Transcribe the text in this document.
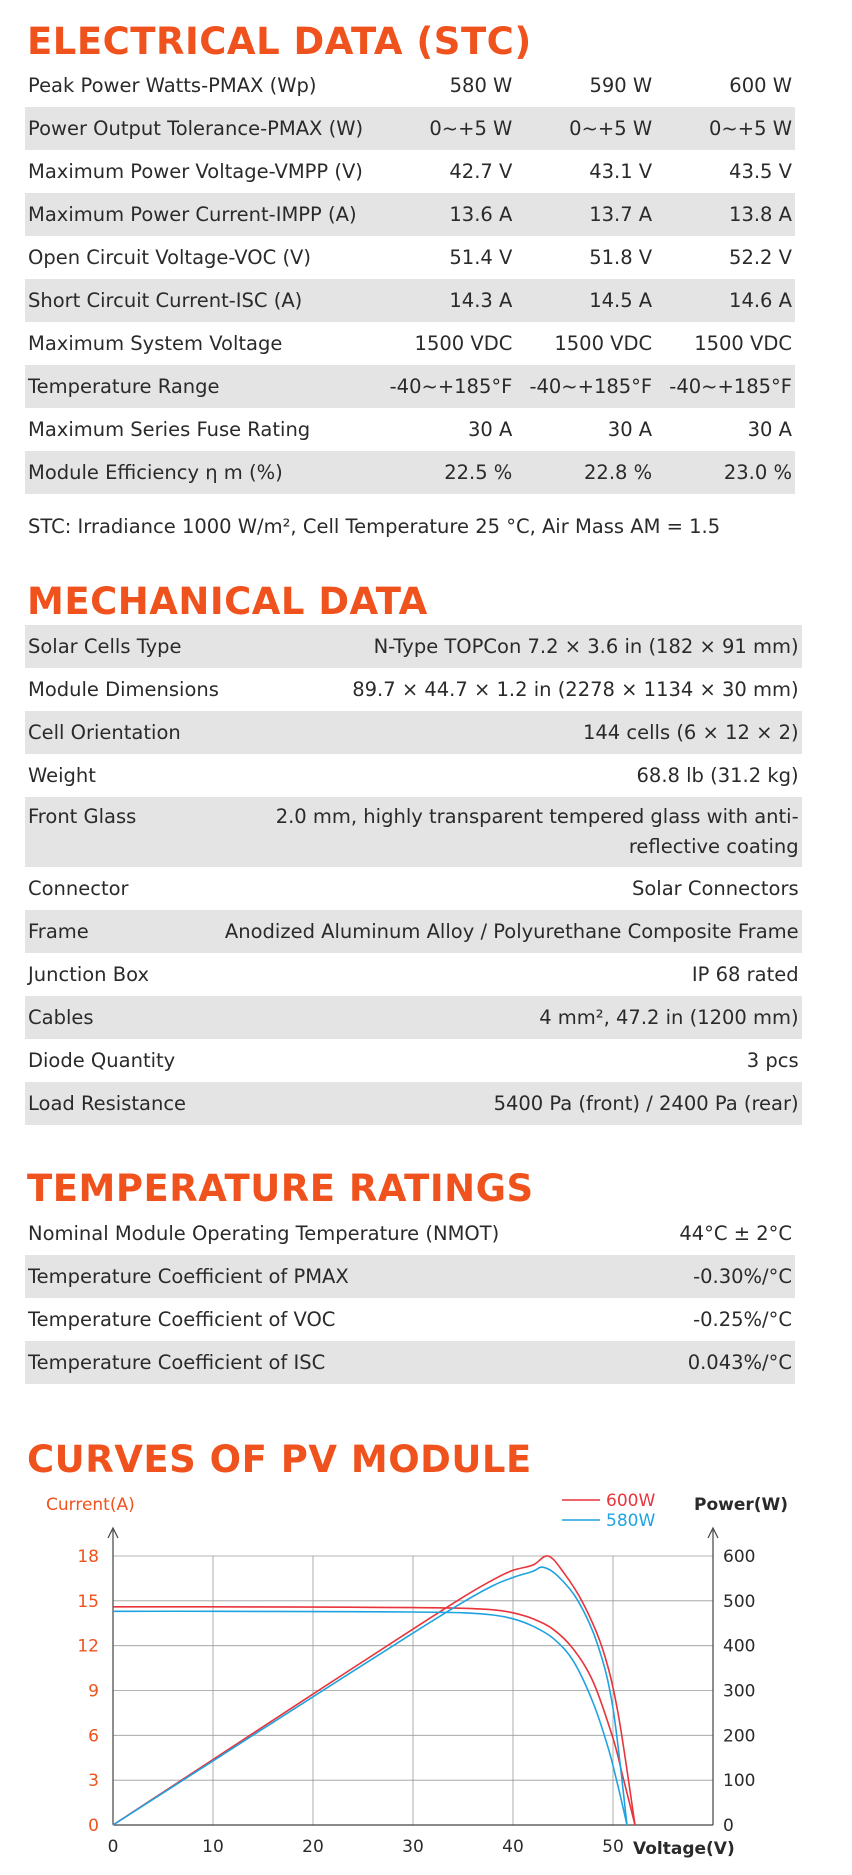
ELECTRICAL DATA (STC)
Peak Power Watts-PMAX (Wp)	580 W	590 W	600 W
Power Output Tolerance-PMAX (W)	0~+5 W	0~+5 W	0~+5 W
Maximum Power Voltage-VMPP (V)	42.7 V	43.1 V	43.5 V
Maximum Power Current-IMPP (A)	13.6 A	13.7 A	13.8 A
Open Circuit Voltage-VOC (V)	51.4 V	51.8 V	52.2 V
Short Circuit Current-ISC (A)	14.3 A	14.5 A	14.6 A
Maximum System Voltage	1500 VDC	1500 VDC	1500 VDC
Temperature Range	-40~+185°F	-40~+185°F	-40~+185°F
Maximum Series Fuse Rating	30 A	30 A	30 A
Module Efficiency η m (%)	22.5 %	22.8 %	23.0 %
STC: Irradiance 1000 W/m², Cell Temperature 25 °C, Air Mass AM = 1.5
MECHANICAL DATA
Solar Cells Type	N-Type TOPCon 7.2 × 3.6 in (182 × 91 mm)
Module Dimensions	89.7 × 44.7 × 1.2 in (2278 × 1134 × 30 mm)
Cell Orientation	144 cells (6 × 12 × 2)
Weight	68.8 lb (31.2 kg)
Front Glass	2.0 mm, highly transparent tempered glass with anti-reflective coating
Connector	Solar Connectors
Frame	Anodized Aluminum Alloy / Polyurethane Composite Frame
Junction Box	IP 68 rated
Cables	4 mm², 47.2 in (1200 mm)
Diode Quantity	3 pcs
Load Resistance	5400 Pa (front) / 2400 Pa (rear)
TEMPERATURE RATINGS
Nominal Module Operating Temperature (NMOT)	44°C ± 2°C
Temperature Coefficient of PMAX	-0.30%/°C
Temperature Coefficient of VOC	-0.25%/°C
Temperature Coefficient of ISC	0.043%/°C
CURVES OF PV MODULE
0
3
6
9
12
15
18
0
100
200
300
400
500
600
0	10	20	30	40	50
Current(A)	Power(W)
Voltage(V)
600W
580W
